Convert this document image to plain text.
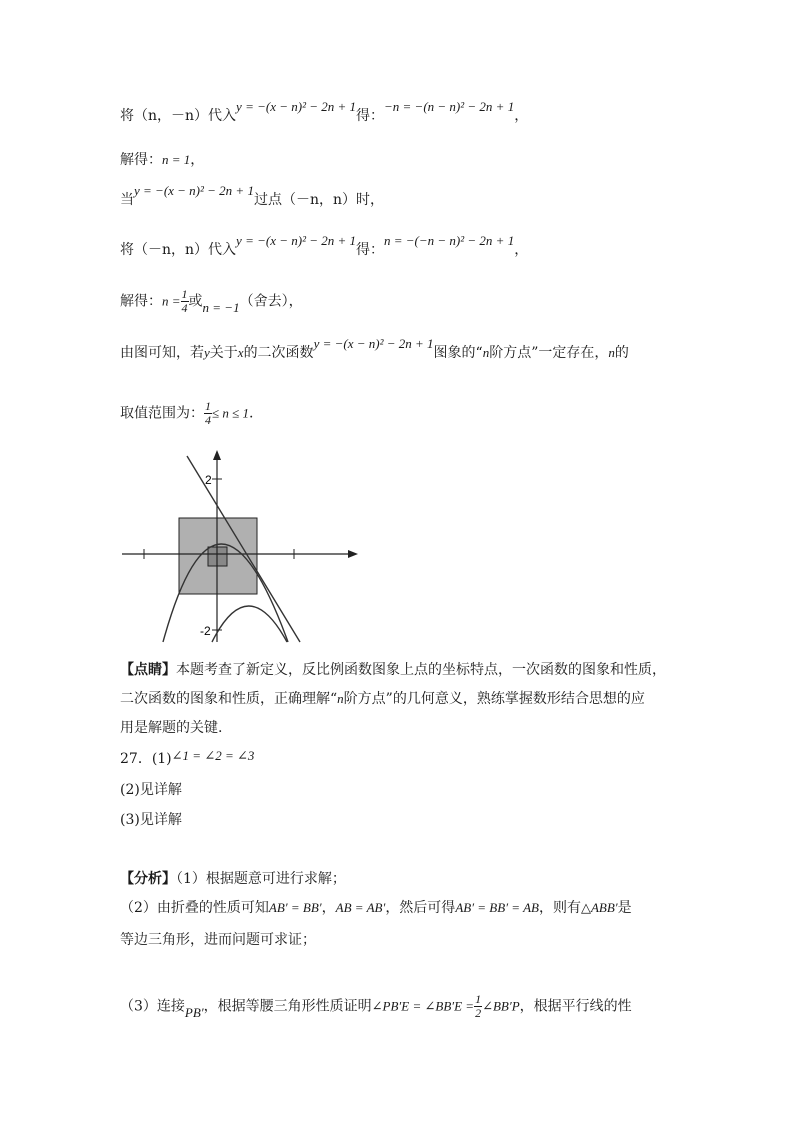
将（n，－n）代入y = −(x − n)² − 2n + 1得：−n = −(n − n)² − 2n + 1，
解得：n = 1，
当y = −(x − n)² − 2n + 1过点（－n，n）时，
将（－n，n）代入y = −(x − n)² − 2n + 1得：n = −(−n − n)² − 2n + 1，
解得：$n = \frac{1}{4}$ 或n = −1（舍去），
由图可知，若y关于x的二次函数y = −(x − n)² − 2n + 1图象的“n阶方点”一定存在，n的
取值范围为： $\frac{1}{4} \le n \le 1$.
2
-2
【点睛】本题考查了新定义，反比例函数图象上点的坐标特点，一次函数的图象和性质，
二次函数的图象和性质，正确理解“n阶方点”的几何意义，熟练掌握数形结合思想的应
用是解题的关键.
27．(1)∠1 = ∠2 = ∠3
(2)见详解
(3)见详解
【分析】（1）根据题意可进行求解；
（2）由折叠的性质可知AB′ = BB′，AB = AB′，然后可得AB′ = BB′ = AB，则有△ABB′是
等边三角形，进而问题可求证；
（3）连接PB′，根据等腰三角形性质证明∠PB′E = ∠BB′E = $\frac{1}{2}$ ∠BB′P，根据平行线的性
